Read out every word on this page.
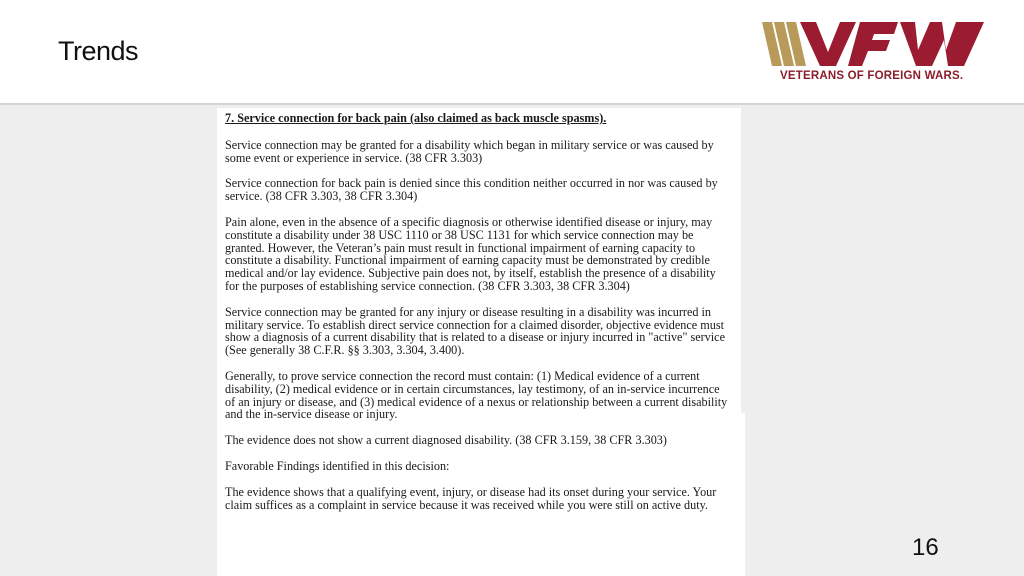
Trends
VETERANS OF FOREIGN WARS.

7. Service connection for back pain (also claimed as back muscle spasms).

Service connection may be granted for a disability which began in military service or was caused by some event or experience in service. (38 CFR 3.303)

Service connection for back pain is denied since this condition neither occurred in nor was caused by service. (38 CFR 3.303, 38 CFR 3.304)

Pain alone, even in the absence of a specific diagnosis or otherwise identified disease or injury, may constitute a disability under 38 USC 1110 or 38 USC 1131 for which service connection may be granted. However, the Veteran’s pain must result in functional impairment of earning capacity to constitute a disability. Functional impairment of earning capacity must be demonstrated by credible medical and/or lay evidence. Subjective pain does not, by itself, establish the presence of a disability for the purposes of establishing service connection. (38 CFR 3.303, 38 CFR 3.304)

Service connection may be granted for any injury or disease resulting in a disability was incurred in military service. To establish direct service connection for a claimed disorder, objective evidence must show a diagnosis of a current disability that is related to a disease or injury incurred in "active" service (See generally 38 C.F.R. §§ 3.303, 3.304, 3.400).

Generally, to prove service connection the record must contain: (1) Medical evidence of a current disability, (2) medical evidence or in certain circumstances, lay testimony, of an in-service incurrence of an injury or disease, and (3) medical evidence of a nexus or relationship between a current disability and the in-service disease or injury.

The evidence does not show a current diagnosed disability. (38 CFR 3.159, 38 CFR 3.303)

Favorable Findings identified in this decision:

The evidence shows that a qualifying event, injury, or disease had its onset during your service. Your claim suffices as a complaint in service because it was received while you were still on active duty.

16
